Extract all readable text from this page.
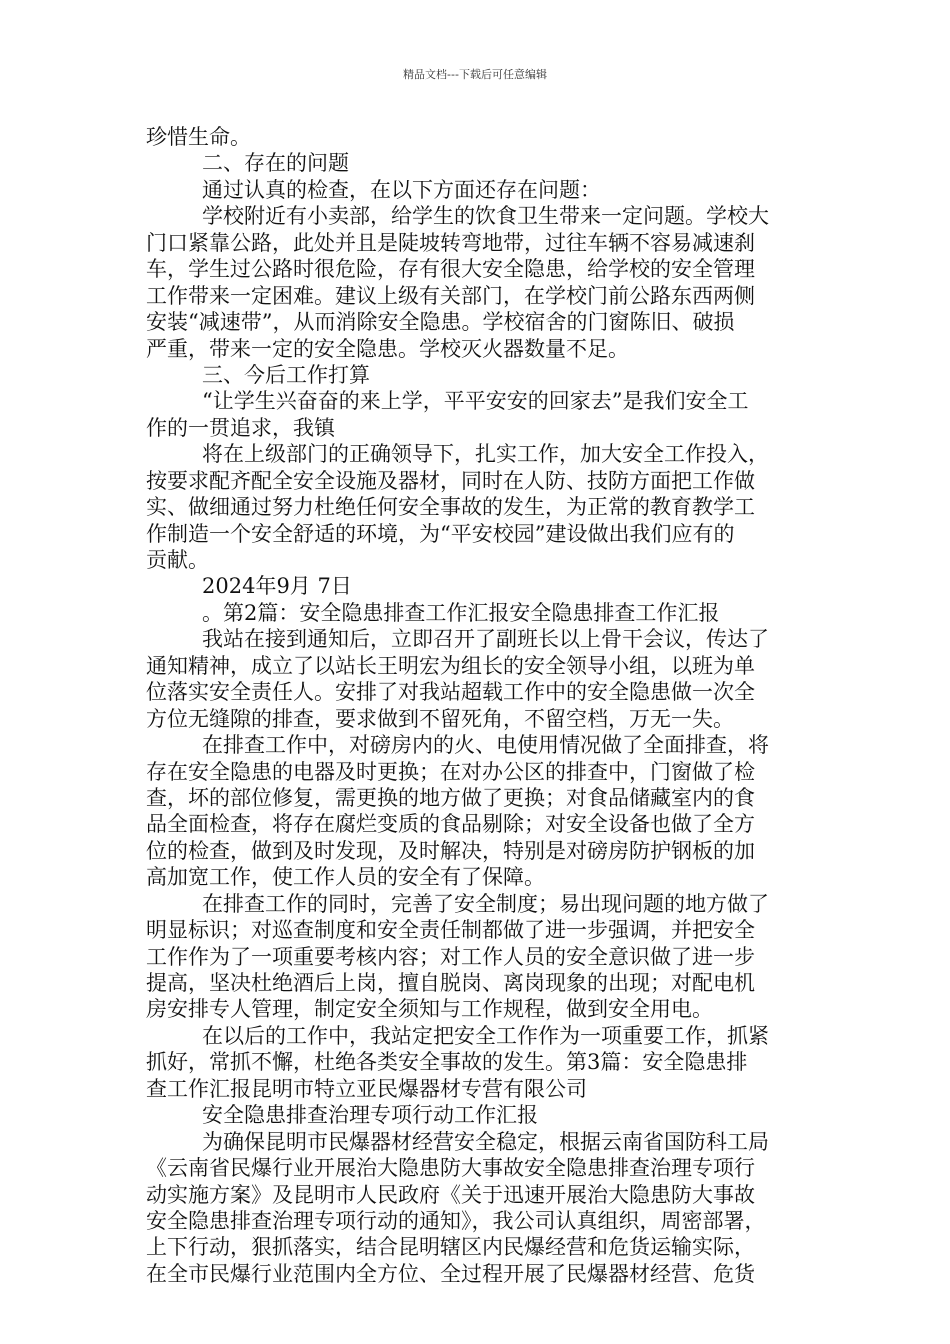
精品文档---下载后可任意编辑
珍惜生命。
二、存在的问题
通过认真的检查，在以下方面还存在问题：
学校附近有小卖部，给学生的饮食卫生带来一定问题。学校大
门口紧靠公路，此处并且是陡坡转弯地带，过往车辆不容易减速刹
车，学生过公路时很危险，存有很大安全隐患，给学校的安全管理
工作带来一定困难。建议上级有关部门，在学校门前公路东西两侧
安装“减速带”，从而消除安全隐患。学校宿舍的门窗陈旧、破损
严重，带来一定的安全隐患。学校灭火器数量不足。
三、今后工作打算
“让学生兴奋奋的来上学，平平安安的回家去”是我们安全工
作的一贯追求，我镇
将在上级部门的正确领导下，扎实工作，加大安全工作投入，
按要求配齐配全安全设施及器材，同时在人防、技防方面把工作做
实、做细通过努力杜绝任何安全事故的发生，为正常的教育教学工
作制造一个安全舒适的环境，为“平安校园”建设做出我们应有的
贡献。
2024年9月 7日
。第2篇：安全隐患排查工作汇报安全隐患排查工作汇报
我站在接到通知后，立即召开了副班长以上骨干会议，传达了
通知精神，成立了以站长王明宏为组长的安全领导小组，以班为单
位落实安全责任人。安排了对我站超载工作中的安全隐患做一次全
方位无缝隙的排查，要求做到不留死角，不留空档，万无一失。
在排查工作中，对磅房内的火、电使用情况做了全面排查，将
存在安全隐患的电器及时更换；在对办公区的排查中，门窗做了检
查，坏的部位修复，需更换的地方做了更换；对食品储藏室内的食
品全面检查，将存在腐烂变质的食品剔除；对安全设备也做了全方
位的检查，做到及时发现，及时解决，特别是对磅房防护钢板的加
高加宽工作，使工作人员的安全有了保障。
在排查工作的同时，完善了安全制度；易出现问题的地方做了
明显标识；对巡查制度和安全责任制都做了进一步强调，并把安全
工作作为了一项重要考核内容；对工作人员的安全意识做了进一步
提高，坚决杜绝酒后上岗，擅自脱岗、离岗现象的出现；对配电机
房安排专人管理，制定安全须知与工作规程，做到安全用电。
在以后的工作中，我站定把安全工作作为一项重要工作，抓紧
抓好，常抓不懈，杜绝各类安全事故的发生。第3篇：安全隐患排
查工作汇报昆明市特立亚民爆器材专营有限公司
安全隐患排查治理专项行动工作汇报
为确保昆明市民爆器材经营安全稳定，根据云南省国防科工局
《云南省民爆行业开展治大隐患防大事故安全隐患排查治理专项行
动实施方案》及昆明市人民政府《关于迅速开展治大隐患防大事故
安全隐患排查治理专项行动的通知》，我公司认真组织，周密部署，
上下行动，狠抓落实，结合昆明辖区内民爆经营和危货运输实际，
在全市民爆行业范围内全方位、全过程开展了民爆器材经营、危货
